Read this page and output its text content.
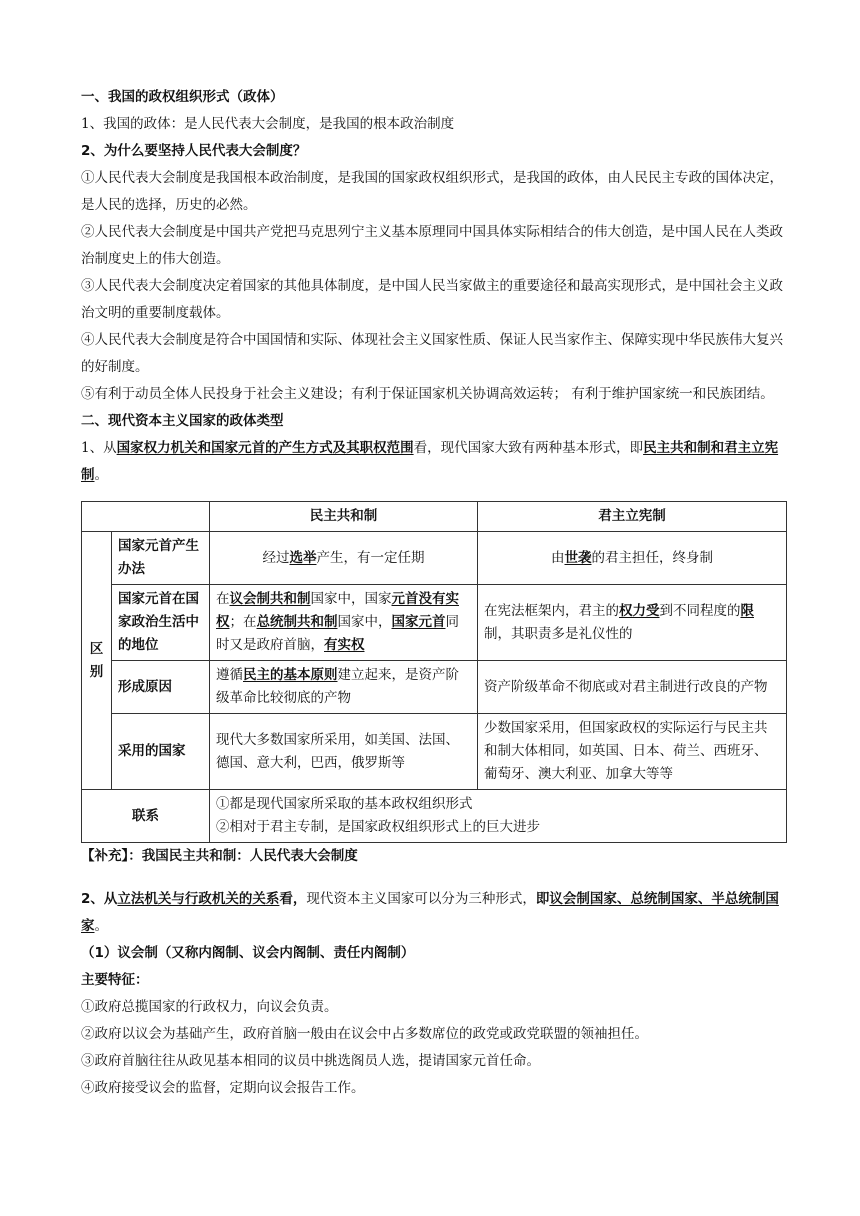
一、我国的政权组织形式（政体）

1、我国的政体：是人民代表大会制度，是我国的根本政治制度

2、为什么要坚持人民代表大会制度？

①人民代表大会制度是我国根本政治制度，是我国的国家政权组织形式，是我国的政体，由人民民主专政的国体决定，是人民的选择，历史的必然。

②人民代表大会制度是中国共产党把马克思列宁主义基本原理同中国具体实际相结合的伟大创造，是中国人民在人类政治制度史上的伟大创造。

③人民代表大会制度决定着国家的其他具体制度，是中国人民当家做主的重要途径和最高实现形式，是中国社会主义政治文明的重要制度载体。

④人民代表大会制度是符合中国国情和实际、体现社会主义国家性质、保证人民当家作主、保障实现中华民族伟大复兴的好制度。

⑤有利于动员全体人民投身于社会主义建设；有利于保证国家机关协调高效运转； 有利于维护国家统一和民族团结。

二、现代资本主义国家的政体类型

1、从国家权力机关和国家元首的产生方式及其职权范围看，现代国家大致有两种基本形式，即民主共和制和君主立宪制。

		民主共和制	君主立宪制
区别	国家元首产生办法	经过选举产生，有一定任期	由世袭的君主担任，终身制
	国家元首在国家政治生活中的地位	在议会制共和制国家中，国家元首没有实权；在总统制共和制国家中，国家元首同时又是政府首脑，有实权	在宪法框架内，君主的权力受到不同程度的限制，其职责多是礼仪性的
	形成原因	遵循民主的基本原则建立起来，是资产阶级革命比较彻底的产物	资产阶级革命不彻底或对君主制进行改良的产物
	采用的国家	现代大多数国家所采用，如美国、法国、德国、意大利，巴西，俄罗斯等	少数国家采用，但国家政权的实际运行与民主共和制大体相同，如英国、日本、荷兰、西班牙、葡萄牙、澳大利亚、加拿大等等
联系		①都是现代国家所采取的基本政权组织形式
②相对于君主专制，是国家政权组织形式上的巨大进步	

【补充】：我国民主共和制：人民代表大会制度

2、从立法机关与行政机关的关系看，现代资本主义国家可以分为三种形式，即议会制国家、总统制国家、半总统制国家。

（1）议会制（又称内阁制、议会内阁制、责任内阁制）

主要特征：

①政府总揽国家的行政权力，向议会负责。

②政府以议会为基础产生，政府首脑一般由在议会中占多数席位的政党或政党联盟的领袖担任。

③政府首脑往往从政见基本相同的议员中挑选阁员人选，提请国家元首任命。

④政府接受议会的监督，定期向议会报告工作。
